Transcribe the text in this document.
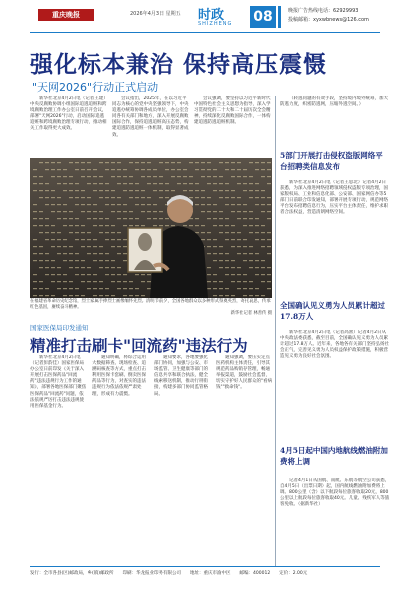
重庆晚报	2026年4月3日 星期五 时政
SHIZHENG 08	晚报广告热线电话：62929993
投稿邮箱：xyxwbnews@126.com
强化标本兼治 保持高压震慑
"天网2026"行动正式启动
新华社北京4月2日电（记者王建）中央反腐败协调小组国际追逃追赃和跨境腐败治理工作办公室日前召开会议，部署"天网2026"行动，启动国际追逃追赃和跨境腐败治理专项行动，推动相关工作取得更大成效。
会议指出，2025年，在以习近平同志为核心的党中央坚强领导下，中央追逃办统筹协调各成员单位，办公室会同各有关部门和地方，深入开展反腐败国际合作，保持追逃追赃高压态势，构建追逃防逃追赃一体机制，取得显著成效。
会议强调，要坚持以习近平新时代中国特色社会主义思想为指导，深入学习贯彻党的二十大和二十届历次全会精神，持续深化反腐败国际合作，一体构建追逃防逃追赃机制。
在福建省革命历史纪念馆，烈士家属手捧烈士画像缅怀先烈。清明节前夕，全国各地群众以多种形式祭奠英烈，寄托哀思，传承红色基因，赓续奋斗精神。
新华社记者 林善传 摄
（转逃问题的有效手段，坚持境内境外统筹，加大防逃力度，织密防逃网，压缩外逃空间。）
5部门开展打击侵权盗版网络平台招聘类信息发布
新华社北京4月2日电（记者王思北）记者4月2日获悉，为深入推进网络招聘领域侵权盗版专项治理，国家版权局、工业和信息化部、公安部、国家网信办等5部门日前联合印发通知，部署开展专项行动，规范网络平台发布招聘信息行为，压实平台主体责任，维护求职者合法权益，营造清朗网络空间。
全国确认见义勇为人员累计超过17.8万人
新华社北京4月2日电（记者高蕾）记者4月2日从中央政法委获悉，截至目前，全国确认见义勇为人员累计超过17.8万人。近年来，各地各有关部门坚持弘扬社会正气，完善见义勇为人员权益保护政策措施，积极营造见义勇为良好社会氛围。
4月5日起中国内地航线燃油附加费将上调
记者4月1日从国航、南航、东航等航空公司获悉，自4月5日（出票日期）起，国内航线燃油附加费将上调。800公里（含）以下航段每位旅客收取20元，800公里以上航段每位旅客收取40元。儿童、残疾军人等旅客免收。（据新华社）
国家医保局印发通知
精准打击刷卡"回流药"违法行为
新华社北京4月2日电（记者彭韵佳）国家医保局办公室日前印发《关于深入开展打击医保药品"回流药"违法违规行为工作的通知》，部署各地医保部门聚焦医保药品"回流药"问题，依法依规严厉打击违法违规使用医保基金行为。
通知明确，将综合运用大数据筛查、现场检查、追溯码核查等方式，重点打击利用医保卡套刷、倒卖医保药品等行为，对查实的违法违规行为依法依规严肃处理，形成有力震慑。
通知要求，各地要强化部门协同，加强与公安、市场监管、卫生健康等部门的信息共享和联合执法，健全线索移送机制，推动行刑衔接，构建多部门协同监管格局。
通知强调，要压实定点医药机构主体责任，引导其规范药品购销存管理，畅通举报渠道，鼓励社会监督，切实守护好人民群众的"看病钱""救命钱"。
发行：全市各县(区)邮政局，乡(镇)邮政所　　印刷：华龙报业印务有限公司　　地址：重庆市渝中区　　邮编：400012　　定价：2.00元
